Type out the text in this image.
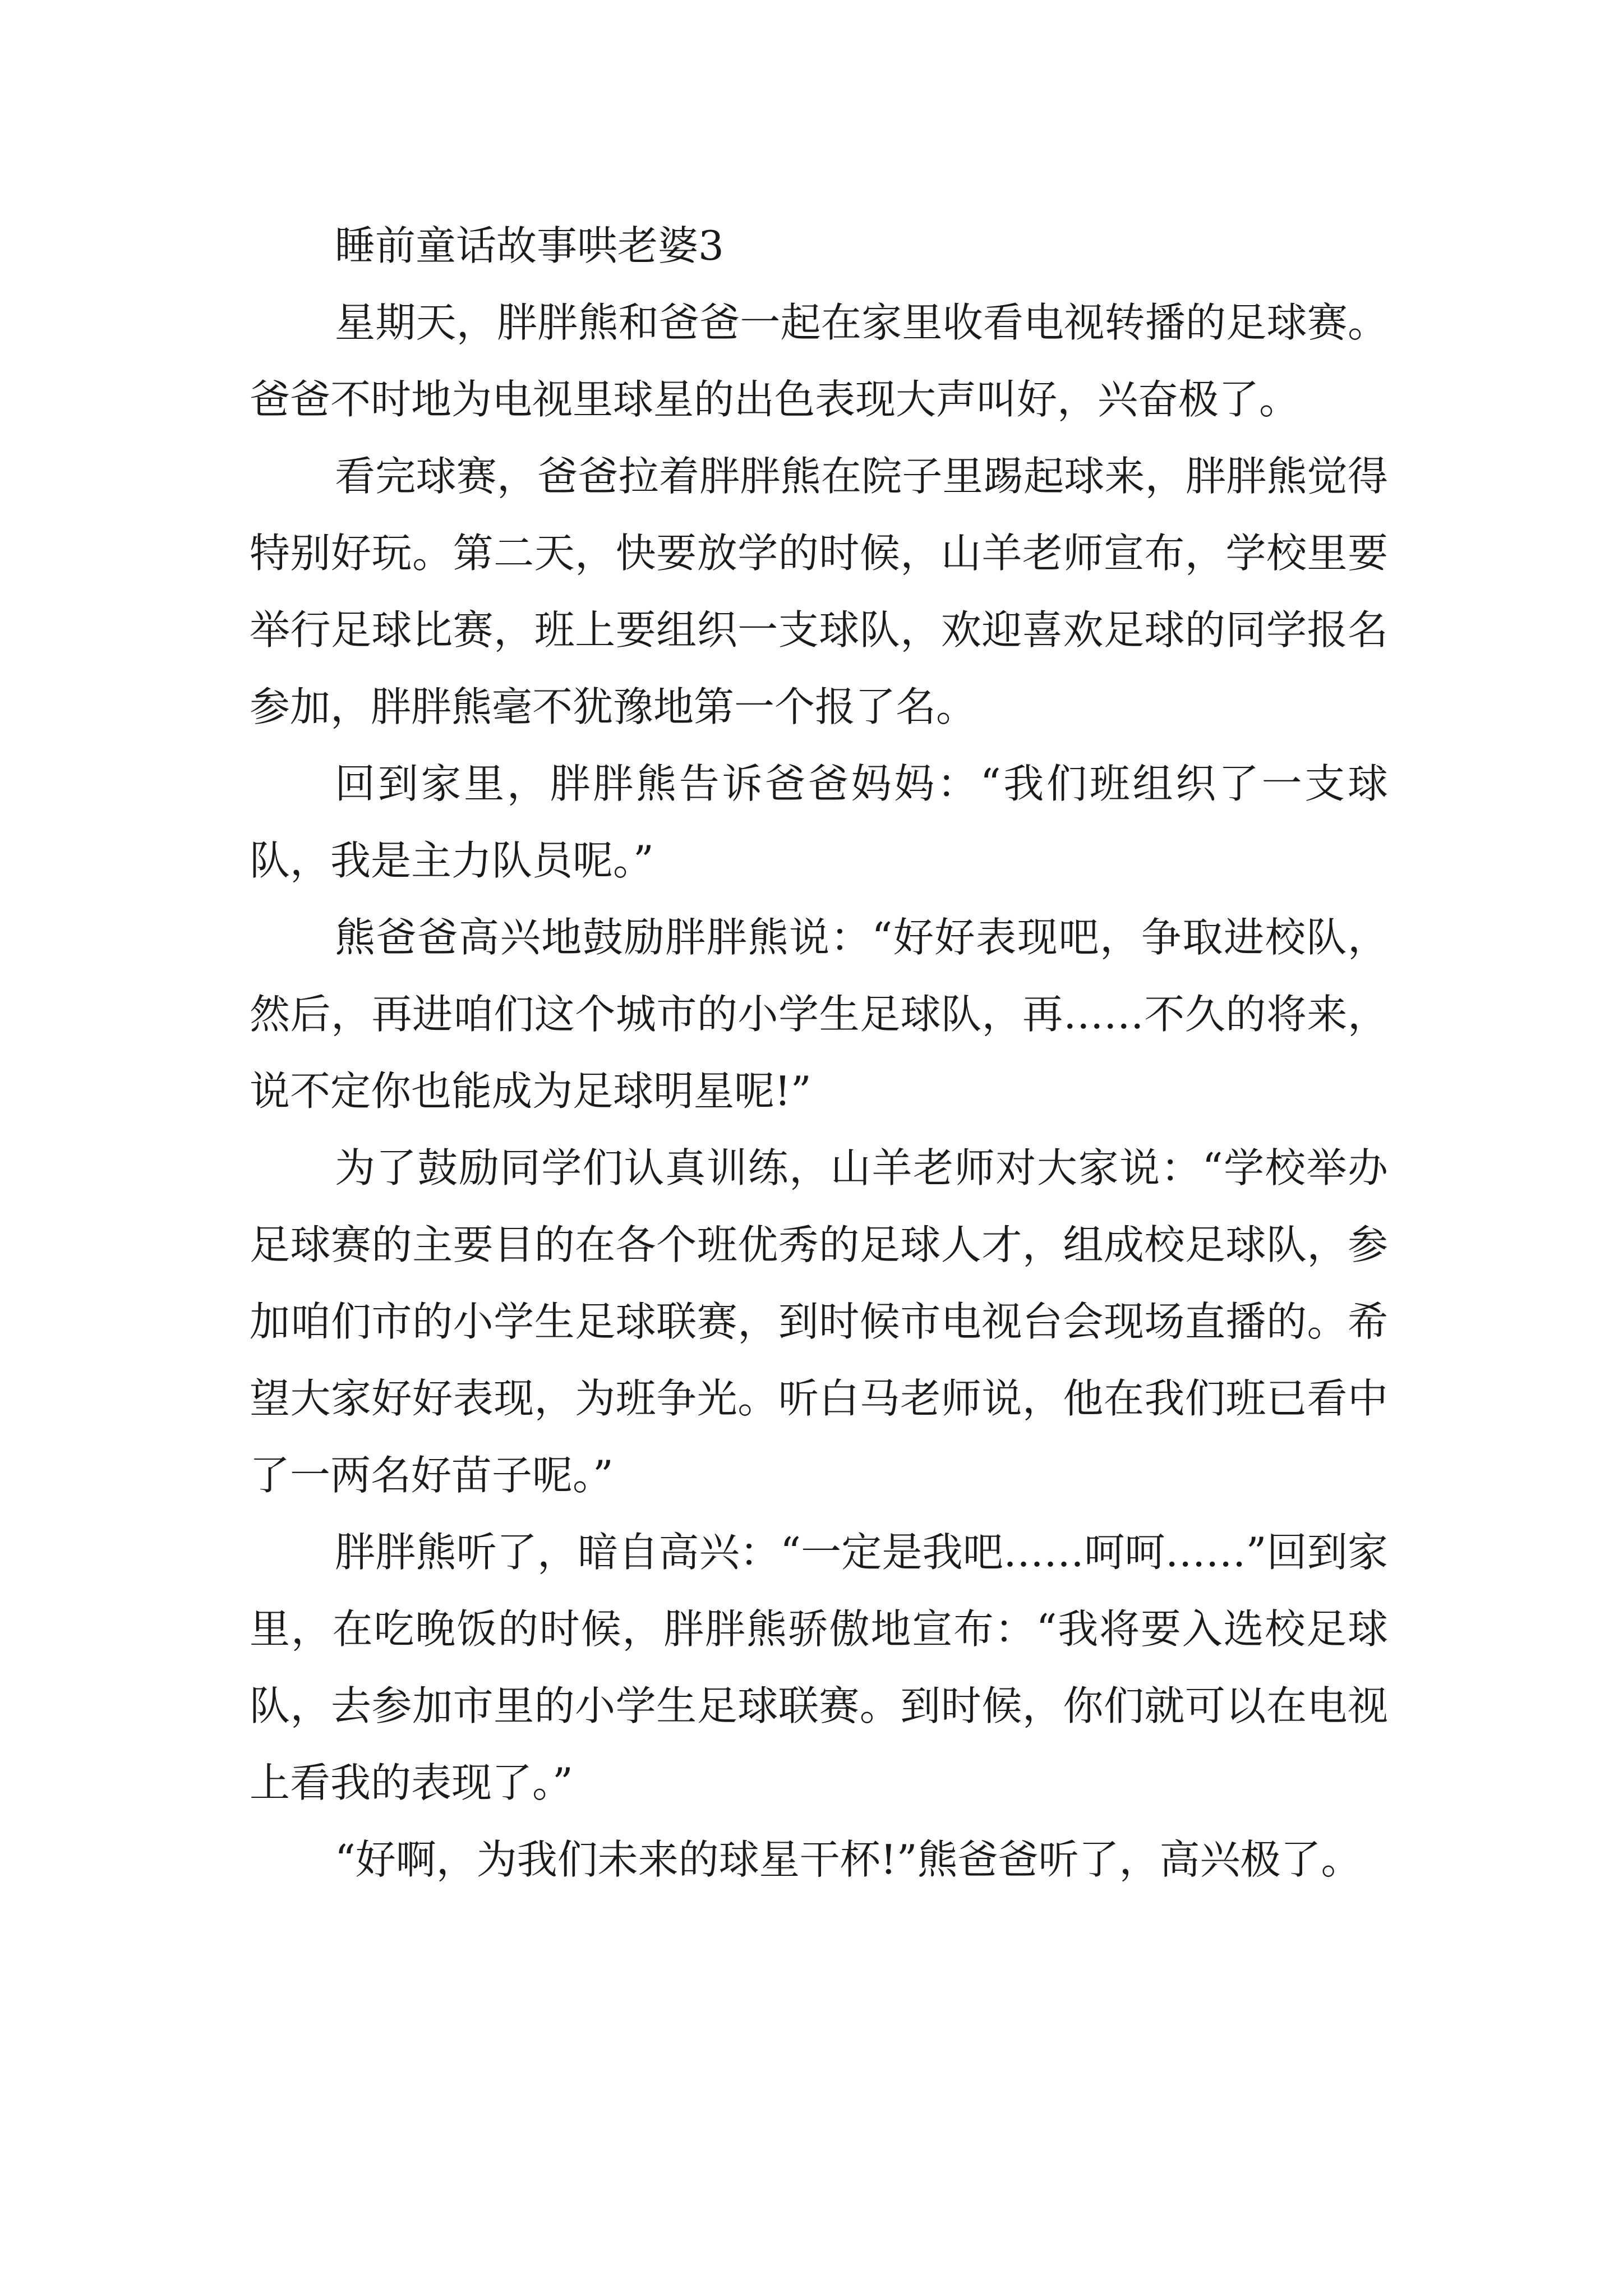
睡前童话故事哄老婆3

星期天，胖胖熊和爸爸一起在家里收看电视转播的足球赛。爸爸不时地为电视里球星的出色表现大声叫好，兴奋极了。

看完球赛，爸爸拉着胖胖熊在院子里踢起球来，胖胖熊觉得特别好玩。第二天，快要放学的时候，山羊老师宣布，学校里要举行足球比赛，班上要组织一支球队，欢迎喜欢足球的同学报名参加，胖胖熊毫不犹豫地第一个报了名。

回到家里，胖胖熊告诉爸爸妈妈：“我们班组织了一支球队，我是主力队员呢。”

熊爸爸高兴地鼓励胖胖熊说：“好好表现吧，争取进校队，然后，再进咱们这个城市的小学生足球队，再……不久的将来，说不定你也能成为足球明星呢!”

为了鼓励同学们认真训练，山羊老师对大家说：“学校举办足球赛的主要目的在各个班优秀的足球人才，组成校足球队，参加咱们市的小学生足球联赛，到时候市电视台会现场直播的。希望大家好好表现，为班争光。听白马老师说，他在我们班已看中了一两名好苗子呢。”

胖胖熊听了，暗自高兴：“一定是我吧……呵呵……”回到家里，在吃晚饭的时候，胖胖熊骄傲地宣布：“我将要入选校足球队，去参加市里的小学生足球联赛。到时候，你们就可以在电视上看我的表现了。”

“好啊，为我们未来的球星干杯!”熊爸爸听了，高兴极了。
